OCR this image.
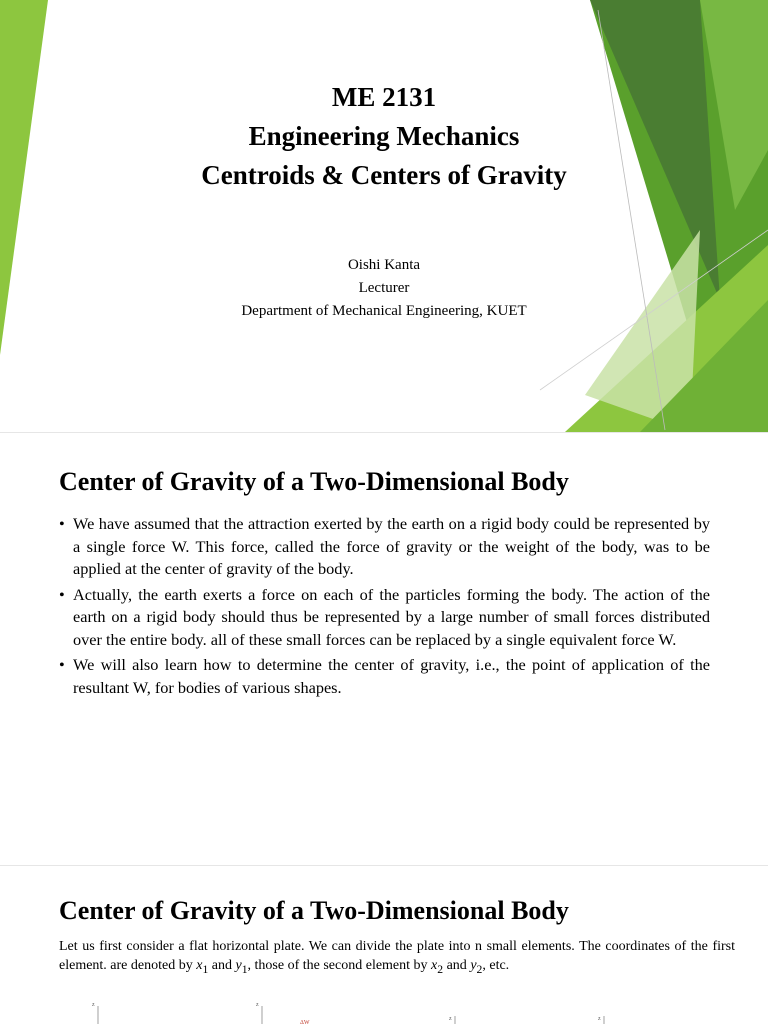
ME 2131
Engineering Mechanics
Centroids & Centers of Gravity
Oishi Kanta
Lecturer
Department of Mechanical Engineering, KUET
Center of Gravity of a Two-Dimensional Body
• We have assumed that the attraction exerted by the earth on a rigid body could be represented by a single force W. This force, called the force of gravity or the weight of the body, was to be applied at the center of gravity of the body.
• Actually, the earth exerts a force on each of the particles forming the body. The action of the earth on a rigid body should thus be represented by a large number of small forces distributed over the entire body. all of these small forces can be replaced by a single equivalent force W.
• We will also learn how to determine the center of gravity, i.e., the point of application of the resultant W, for bodies of various shapes.
Center of Gravity of a Two-Dimensional Body
Let us first consider a flat horizontal plate. We can divide the plate into n small elements. The coordinates of the first element. are denoted by $x_1$ and $y_1$, those of the second element by $x_2$ and $y_2$, etc.
z	z
ΔW
z	z
